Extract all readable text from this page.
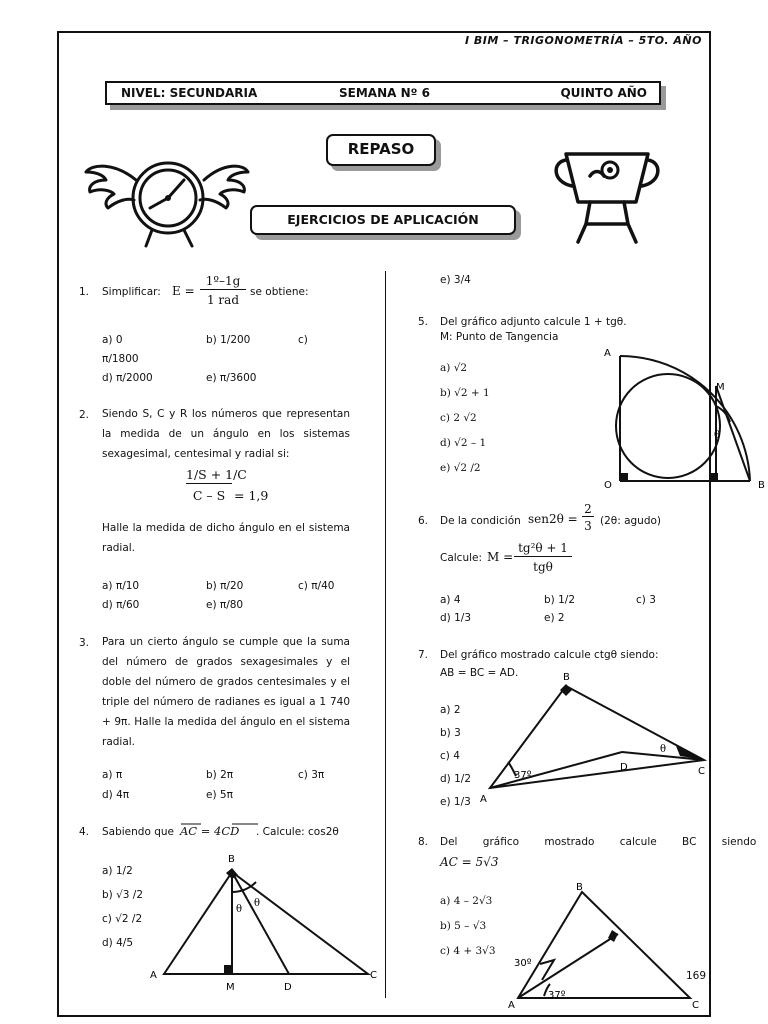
I BIM – TRIGONOMETRÍA – 5TO. AÑO
NIVEL: SECUNDARIA	SEMANA Nº 6	QUINTO AÑO
REPASO
EJERCICIOS DE APLICACIÓN
1. Simplificar: E =
1º–1g
1 rad
se obtiene:
a) 0	b) 1/200	c)
π/1800
d) π/2000	e) π/3600
2. Siendo S, C y R los números que representan la medida de un ángulo en los sistemas sexagesimal, centesimal y radial si:
1/S + 1/C
C – S = 1,9
Halle la medida de dicho ángulo en el sistema radial.
a) π/10	b) π/20	c) π/40
d) π/60	e) π/80
3. Para un cierto ángulo se cumple que la suma del número de grados sexagesimales y el doble del número de grados centesimales y el triple del número de radianes es igual a 1 740 + 9π. Halle la medida del ángulo en el sistema radial.
a) π	b) 2π	c) 3π
d) 4π	e) 5π
4. Sabiendo que AC = 4CD . Calcule: cos2θ
a) 1/2
b) √3 /2
c) √2 /2
d) 4/5
B
A	C
M	D
θ
θ
e) 3/4
5. Del gráfico adjunto calcule 1 + tgθ.
M: Punto de Tangencia
a) √2
b) √2 + 1
c) 2 √2
d) √2 – 1
e) √2 /2
A
M
O	B
θ
6. De la condición sen2θ =
2
3 (2θ: agudo)
Calcule: M =
tg²θ + 1
tgθ
a) 4	b) 1/2	c) 3
d) 1/3	e) 2
7. Del gráfico mostrado calcule ctgθ siendo:
AB = BC = AD.
a) 2
b) 3
c) 4
d) 1/2
e) 1/3
B
A
C
D
37º
θ
8. Del gráfico mostrado calcule BC siendo
AC = 5√3
a) 4 – 2√3
b) 5 – √3
c) 4 + 3√3
B
A	C
30º
37º
169
